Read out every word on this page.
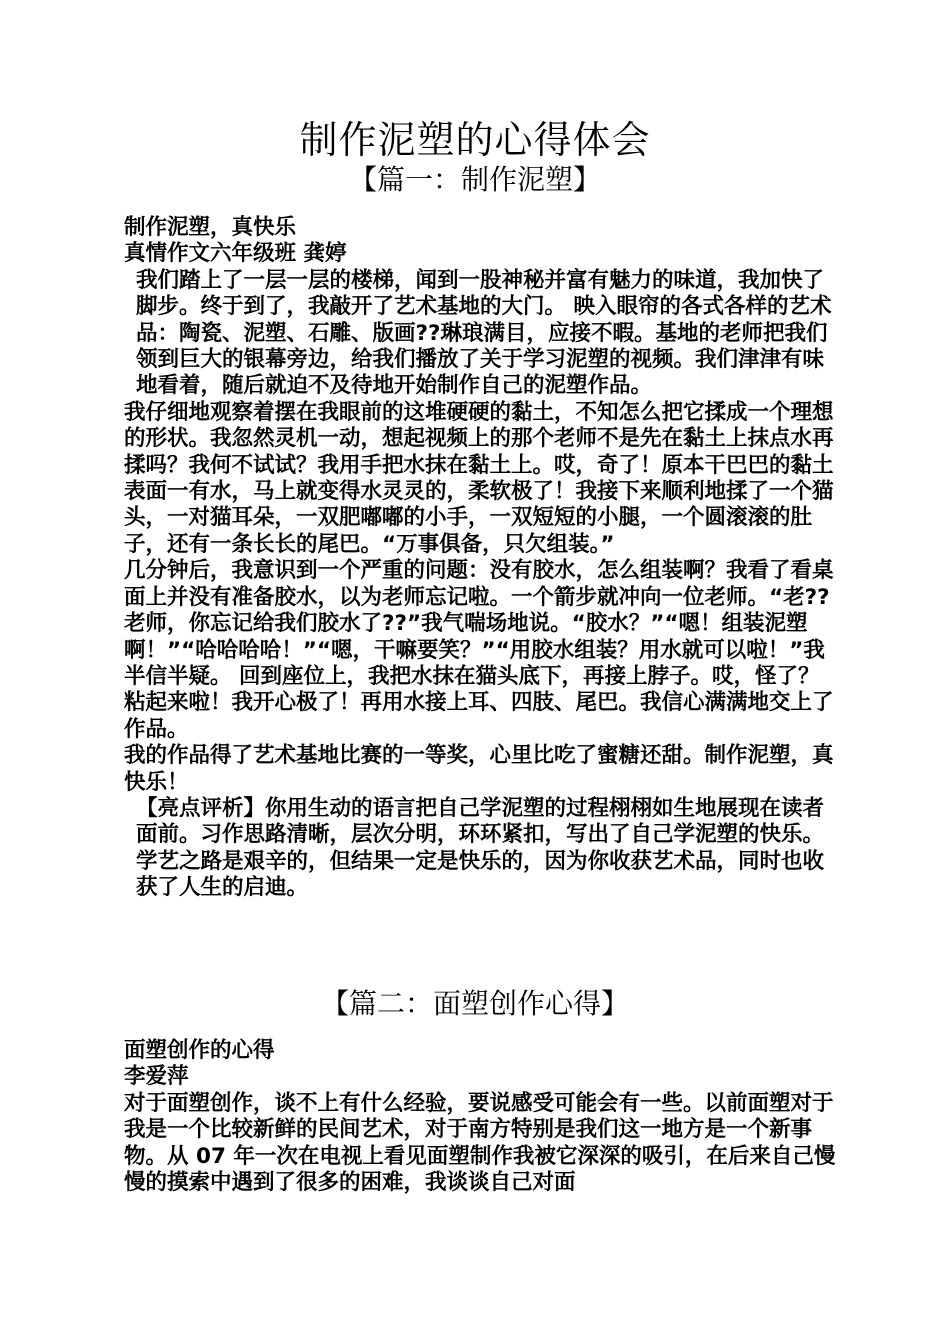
制作泥塑的心得体会
【篇一：制作泥塑】

制作泥塑，真快乐

真情作文六年级班 龚婷

我们踏上了一层一层的楼梯，闻到一股神秘并富有魅力的味道，我加快了脚步。终于到了，我敲开了艺术基地的大门。 映入眼帘的各式各样的艺术品：陶瓷、泥塑、石雕、版画??琳琅满目，应接不暇。基地的老师把我们领到巨大的银幕旁边，给我们播放了关于学习泥塑的视频。我们津津有味地看着，随后就迫不及待地开始制作自己的泥塑作品。

我仔细地观察着摆在我眼前的这堆硬硬的黏土，不知怎么把它揉成一个理想的形状。我忽然灵机一动，想起视频上的那个老师不是先在黏土上抹点水再揉吗？我何不试试？我用手把水抹在黏土上。哎，奇了！原本干巴巴的黏土表面一有水，马上就变得水灵灵的，柔软极了！我接下来顺利地揉了一个猫头，一对猫耳朵，一双肥嘟嘟的小手，一双短短的小腿，一个圆滚滚的肚子，还有一条长长的尾巴。“万事俱备，只欠组装。”

几分钟后，我意识到一个严重的问题：没有胶水，怎么组装啊？我看了看桌面上并没有准备胶水，以为老师忘记啦。一个箭步就冲向一位老师。“老??老师，你忘记给我们胶水了??”我气喘场地说。“胶水？”“嗯！组装泥塑啊！”“哈哈哈哈！”“嗯，干嘛要笑？”“用胶水组装？用水就可以啦！”我半信半疑。 回到座位上，我把水抹在猫头底下，再接上脖子。哎，怪了？粘起来啦！我开心极了！再用水接上耳、四肢、尾巴。我信心满满地交上了作品。

我的作品得了艺术基地比赛的一等奖，心里比吃了蜜糖还甜。制作泥塑，真快乐！

【亮点评析】你用生动的语言把自己学泥塑的过程栩栩如生地展现在读者面前。习作思路清晰，层次分明，环环紧扣，写出了自己学泥塑的快乐。学艺之路是艰辛的，但结果一定是快乐的，因为你收获艺术品，同时也收获了人生的启迪。

【篇二：面塑创作心得】

面塑创作的心得

李爱萍

对于面塑创作，谈不上有什么经验，要说感受可能会有一些。以前面塑对于我是一个比较新鲜的民间艺术，对于南方特别是我们这一地方是一个新事物。从 07 年一次在电视上看见面塑制作我被它深深的吸引，在后来自己慢慢的摸索中遇到了很多的困难，我谈谈自己对面
